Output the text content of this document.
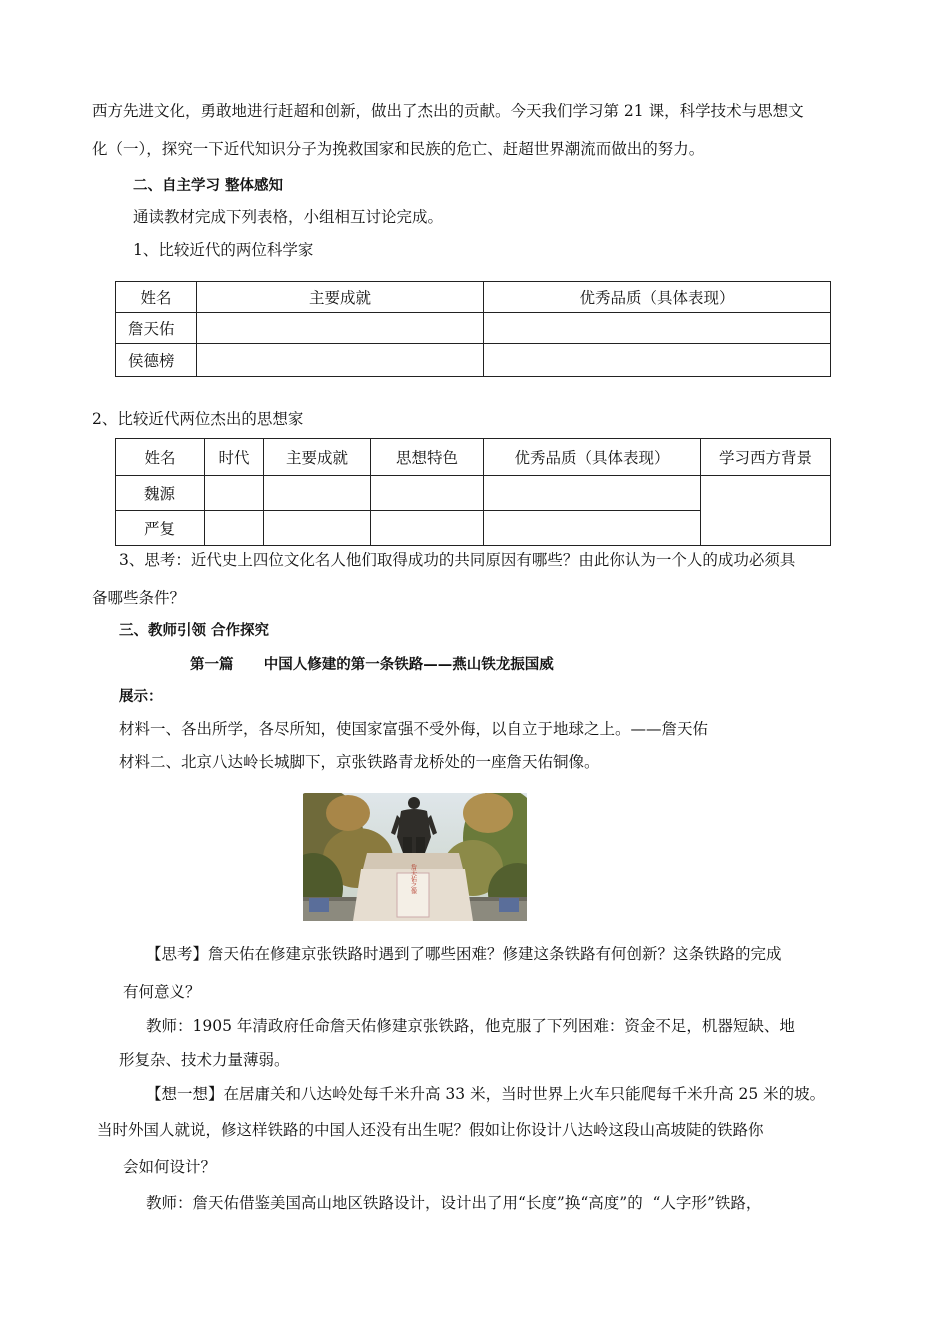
西方先进文化，勇敢地进行赶超和创新，做出了杰出的贡献。今天我们学习第 21 课，科学技术与思想文
化（一），探究一下近代知识分子为挽救国家和民族的危亡、赶超世界潮流而做出的努力。
二、自主学习 整体感知
通读教材完成下列表格，小组相互讨论完成。
1、比较近代的两位科学家
姓名	主要成就	优秀品质（具体表现）
詹天佑		
侯德榜		
2、比较近代两位杰出的思想家
姓名	时代	主要成就	思想特色	优秀品质（具体表现）	学习西方背景
魏源					
严复					
3、思考：近代史上四位文化名人他们取得成功的共同原因有哪些？由此你认为一个人的成功必须具
备哪些条件？
三、教师引领 合作探究
第一篇      中国人修建的第一条铁路——燕山铁龙振国威
展示：
材料一、各出所学，各尽所知，使国家富强不受外侮，以自立于地球之上。——詹天佑
材料二、北京八达岭长城脚下，京张铁路青龙桥处的一座詹天佑铜像。
詹天佑之像
【思考】詹天佑在修建京张铁路时遇到了哪些困难？修建这条铁路有何创新？这条铁路的完成
有何意义？
教师：1905 年清政府任命詹天佑修建京张铁路，他克服了下列困难：资金不足，机器短缺、地
形复杂、技术力量薄弱。
【想一想】在居庸关和八达岭处每千米升高 33 米，当时世界上火车只能爬每千米升高 25 米的坡。
当时外国人就说，修这样铁路的中国人还没有出生呢？假如让你设计八达岭这段山高坡陡的铁路你
会如何设计？
教师：詹天佑借鉴美国高山地区铁路设计，设计出了用“长度”换“高度”的  “人字形”铁路，
